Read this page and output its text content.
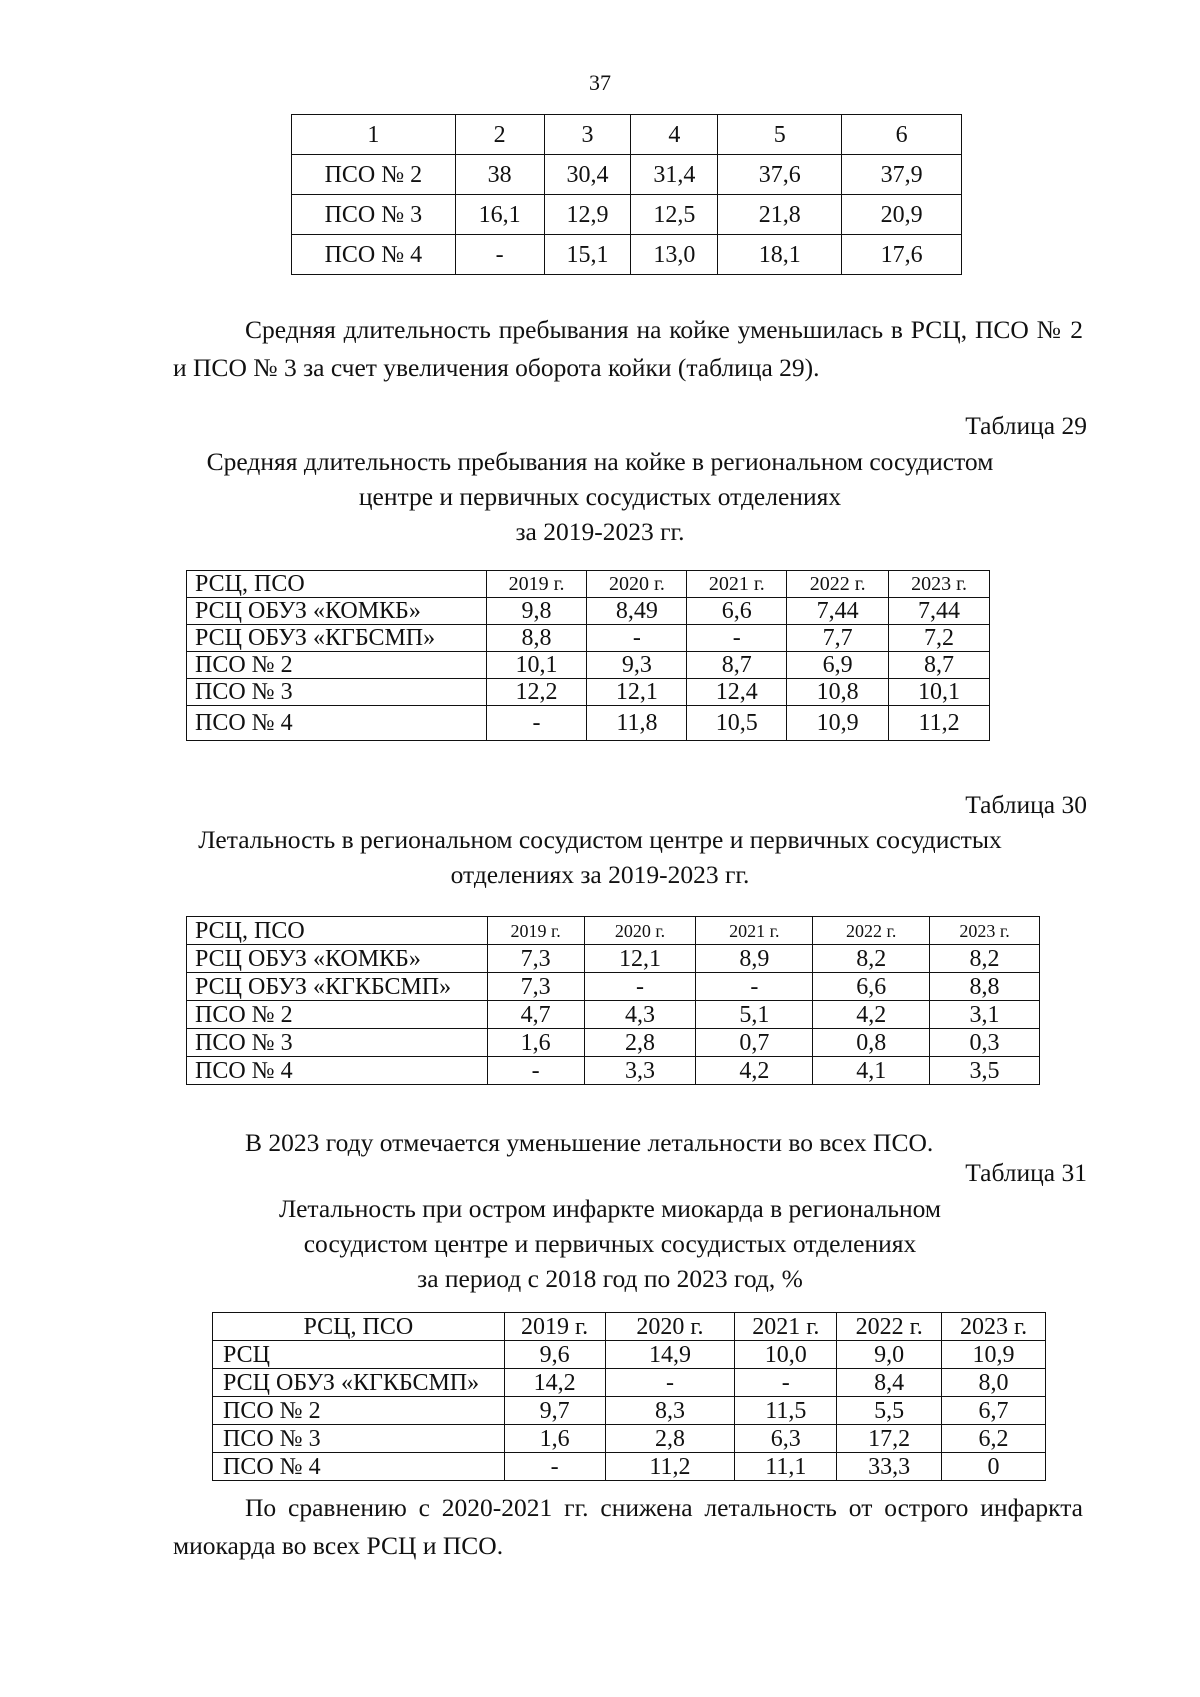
37
1	2	3	4	5	6
ПСО № 2	38	30,4	31,4	37,6	37,9
ПСО № 3	16,1	12,9	12,5	21,8	20,9
ПСО № 4	-	15,1	13,0	18,1	17,6
Средняя длительность пребывания на койке уменьшилась в РСЦ, ПСО № 2 и ПСО № 3 за счет увеличения оборота койки (таблица 29).
Таблица 29
Средняя длительность пребывания на койке в региональном сосудистом
центре и первичных сосудистых отделениях
за 2019-2023 гг.
РСЦ, ПСО	2019 г.	2020 г.	2021 г.	2022 г.	2023 г.
РСЦ ОБУЗ «КОМКБ»	9,8	8,49	6,6	7,44	7,44
РСЦ ОБУЗ «КГБСМП»	8,8	-	-	7,7	7,2
ПСО № 2	10,1	9,3	8,7	6,9	8,7
ПСО № 3	12,2	12,1	12,4	10,8	10,1
ПСО № 4	-	11,8	10,5	10,9	11,2
Таблица 30
Летальность в региональном сосудистом центре и первичных сосудистых
отделениях за 2019-2023 гг.
РСЦ, ПСО	2019 г.	2020 г.	2021 г.	2022 г.	2023 г.
РСЦ ОБУЗ «КОМКБ»	7,3	12,1	8,9	8,2	8,2
РСЦ ОБУЗ «КГКБСМП»	7,3	-	-	6,6	8,8
ПСО № 2	4,7	4,3	5,1	4,2	3,1
ПСО № 3	1,6	2,8	0,7	0,8	0,3
ПСО № 4	-	3,3	4,2	4,1	3,5
В 2023 году отмечается уменьшение летальности во всех ПСО.
Таблица 31
Летальность при остром инфаркте миокарда в региональном
сосудистом центре и первичных сосудистых отделениях
за период с 2018 год по 2023 год, %
РСЦ, ПСО	2019 г.	2020 г.	2021 г.	2022 г.	2023 г.
РСЦ	9,6	14,9	10,0	9,0	10,9
РСЦ ОБУЗ «КГКБСМП»	14,2	-	-	8,4	8,0
ПСО № 2	9,7	8,3	11,5	5,5	6,7
ПСО № 3	1,6	2,8	6,3	17,2	6,2
ПСО № 4	-	11,2	11,1	33,3	0
По сравнению с 2020-2021 гг. снижена летальность от острого инфаркта миокарда во всех РСЦ и ПСО.
